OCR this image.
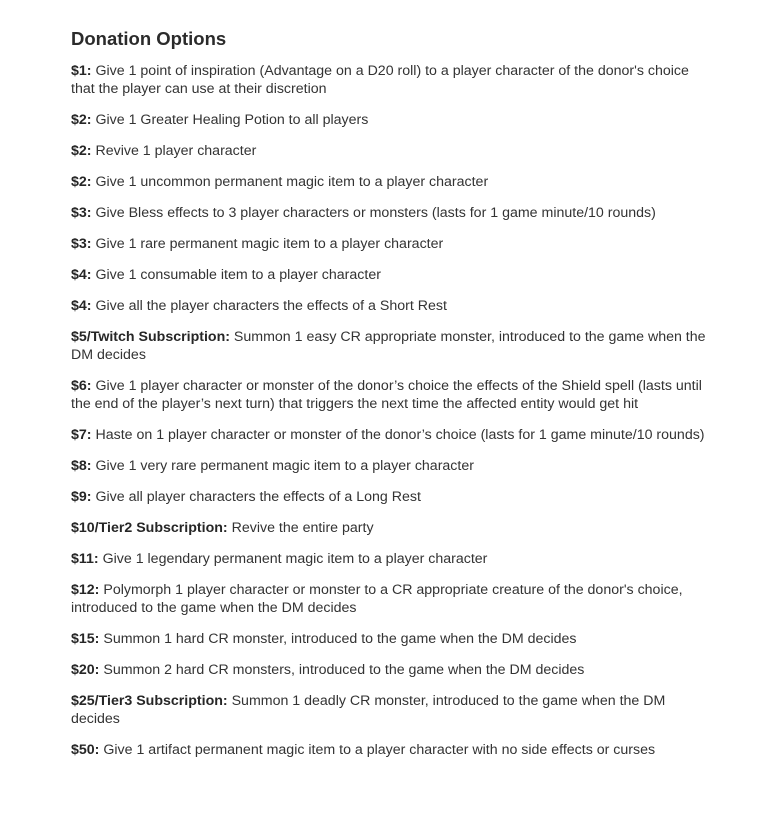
Donation Options
$1: Give 1 point of inspiration (Advantage on a D20 roll) to a player character of the donor's choice that the player can use at their discretion
$2: Give 1 Greater Healing Potion to all players
$2: Revive 1 player character
$2: Give 1 uncommon permanent magic item to a player character
$3: Give Bless effects to 3 player characters or monsters (lasts for 1 game minute/10 rounds)
$3: Give 1 rare permanent magic item to a player character
$4: Give 1 consumable item to a player character
$4: Give all the player characters the effects of a Short Rest
$5/Twitch Subscription: Summon 1 easy CR appropriate monster, introduced to the game when the DM decides
$6: Give 1 player character or monster of the donor’s choice the effects of the Shield spell (lasts until the end of the player’s next turn) that triggers the next time the affected entity would get hit
$7: Haste on 1 player character or monster of the donor’s choice (lasts for 1 game minute/10 rounds)
$8: Give 1 very rare permanent magic item to a player character
$9: Give all player characters the effects of a Long Rest
$10/Tier2 Subscription: Revive the entire party
$11: Give 1 legendary permanent magic item to a player character
$12: Polymorph 1 player character or monster to a CR appropriate creature of the donor's choice, introduced to the game when the DM decides
$15: Summon 1 hard CR monster, introduced to the game when the DM decides
$20: Summon 2 hard CR monsters, introduced to the game when the DM decides
$25/Tier3 Subscription: Summon 1 deadly CR monster, introduced to the game when the DM decides
$50: Give 1 artifact permanent magic item to a player character with no side effects or curses
